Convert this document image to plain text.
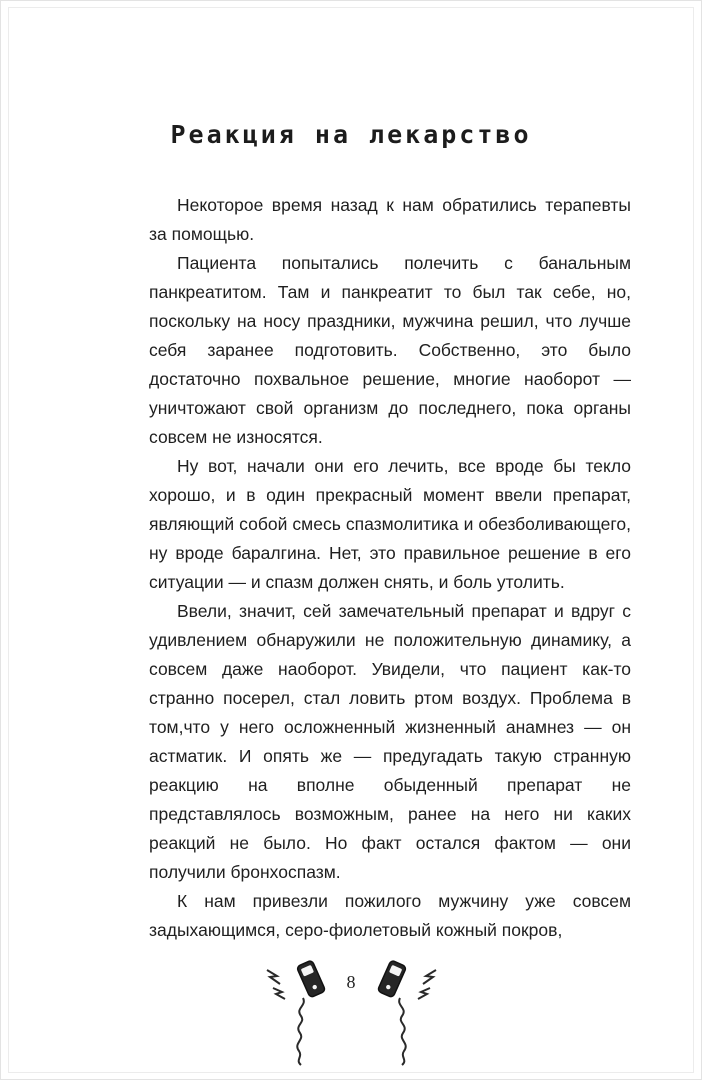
Реакция на лекарство

Некоторое время назад к нам обратились терапевты за помощью.

Пациента попытались полечить с банальным панкреатитом. Там и панкреатит то был так себе, но, поскольку на носу праздники, мужчина решил, что лучше себя заранее подготовить. Собственно, это было достаточно похвальное решение, многие наоборот — уничтожают свой организм до последнего, пока органы совсем не износятся.

Ну вот, начали они его лечить, все вроде бы текло хорошо, и в один прекрасный момент ввели препарат, являющий собой смесь спазмолитика и обезболивающего, ну вроде баралгина. Нет, это правильное решение в его ситуации — и спазм должен снять, и боль утолить.

Ввели, значит, сей замечательный препарат и вдруг с удивлением обнаружили не положительную динамику, а совсем даже наоборот. Увидели, что пациент как-то странно посерел, стал ловить ртом воздух. Проблема в том,что у него осложненный жизненный анамнез — он астматик. И опять же — предугадать такую странную реакцию на вполне обыденный препарат не представлялось возможным, ранее на него ни каких реакций не было. Но факт остался фактом — они получили бронхоспазм.

К нам привезли пожилого мужчину уже совсем задыхающимся, серо-фиолетовый кожный покров,

8
